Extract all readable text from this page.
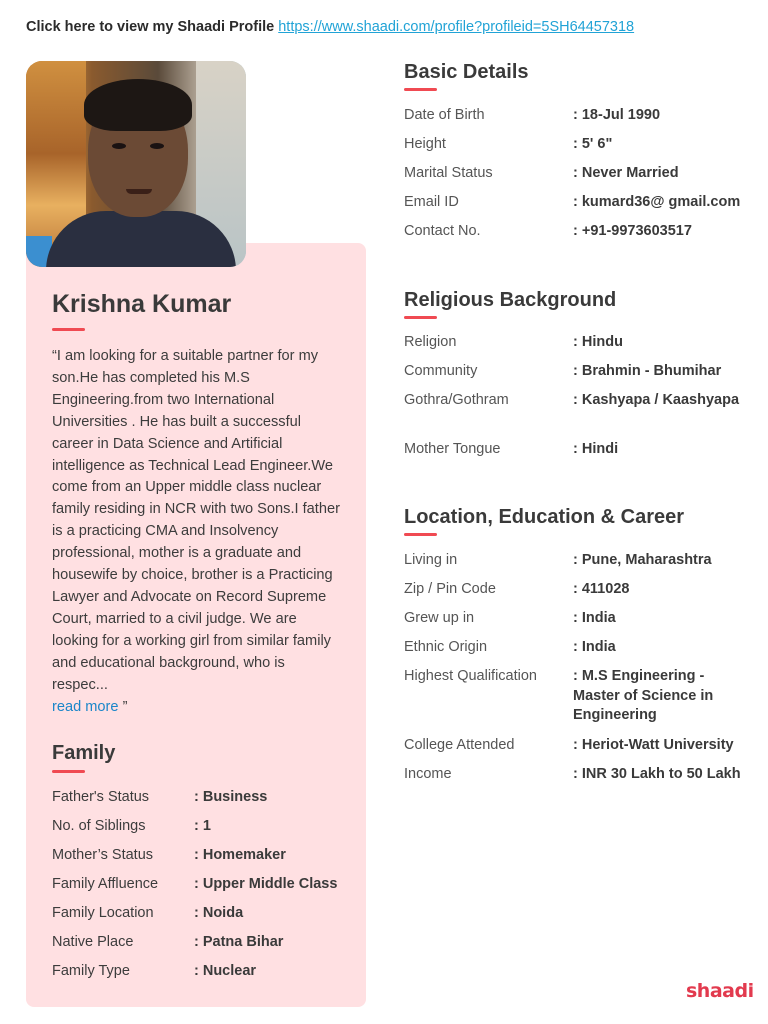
Click here to view my Shaadi Profile https://www.shaadi.com/profile?profileid=5SH64457318
Krishna Kumar
“I am looking for a suitable partner for my son.He has completed his M.S Engineering.from two International Universities . He has built a successful career in Data Science and Artificial intelligence as Technical Lead Engineer.We come from an Upper middle class nuclear family residing in NCR with two Sons.I father is a practicing CMA and Insolvency professional, mother is a graduate and housewife by choice, brother is a Practicing Lawyer and Advocate on Record Supreme Court, married to a civil judge. We are looking for a working girl from similar family and educational background, who is respec...
read more ”
Family
Father's Status	: Business
No. of Siblings	: 1
Mother’s Status	: Homemaker
Family Affluence : Upper Middle Class
Family Location	: Noida
Native Place	: Patna Bihar
Family Type	: Nuclear
Basic Details
Date of Birth	: 18-Jul 1990
Height	: 5' 6"
Marital Status	: Never Married
Email ID	: kumard36@ gmail.com
Contact No.	: +91-9973603517
Religious Background
Religion	: Hindu
Community	: Brahmin - Bhumihar
Gothra/Gothram	: Kashyapa / Kaashyapa
Mother Tongue	: Hindi
Location, Education & Career
Living in	: Pune, Maharashtra
Zip / Pin Code	: 411028
Grew up in	: India
Ethnic Origin	: India
Highest Qualification : M.S Engineering - Master of Science in Engineering
College Attended	: Heriot-Watt University
Income	: INR 30 Lakh to 50 Lakh
shaadi
